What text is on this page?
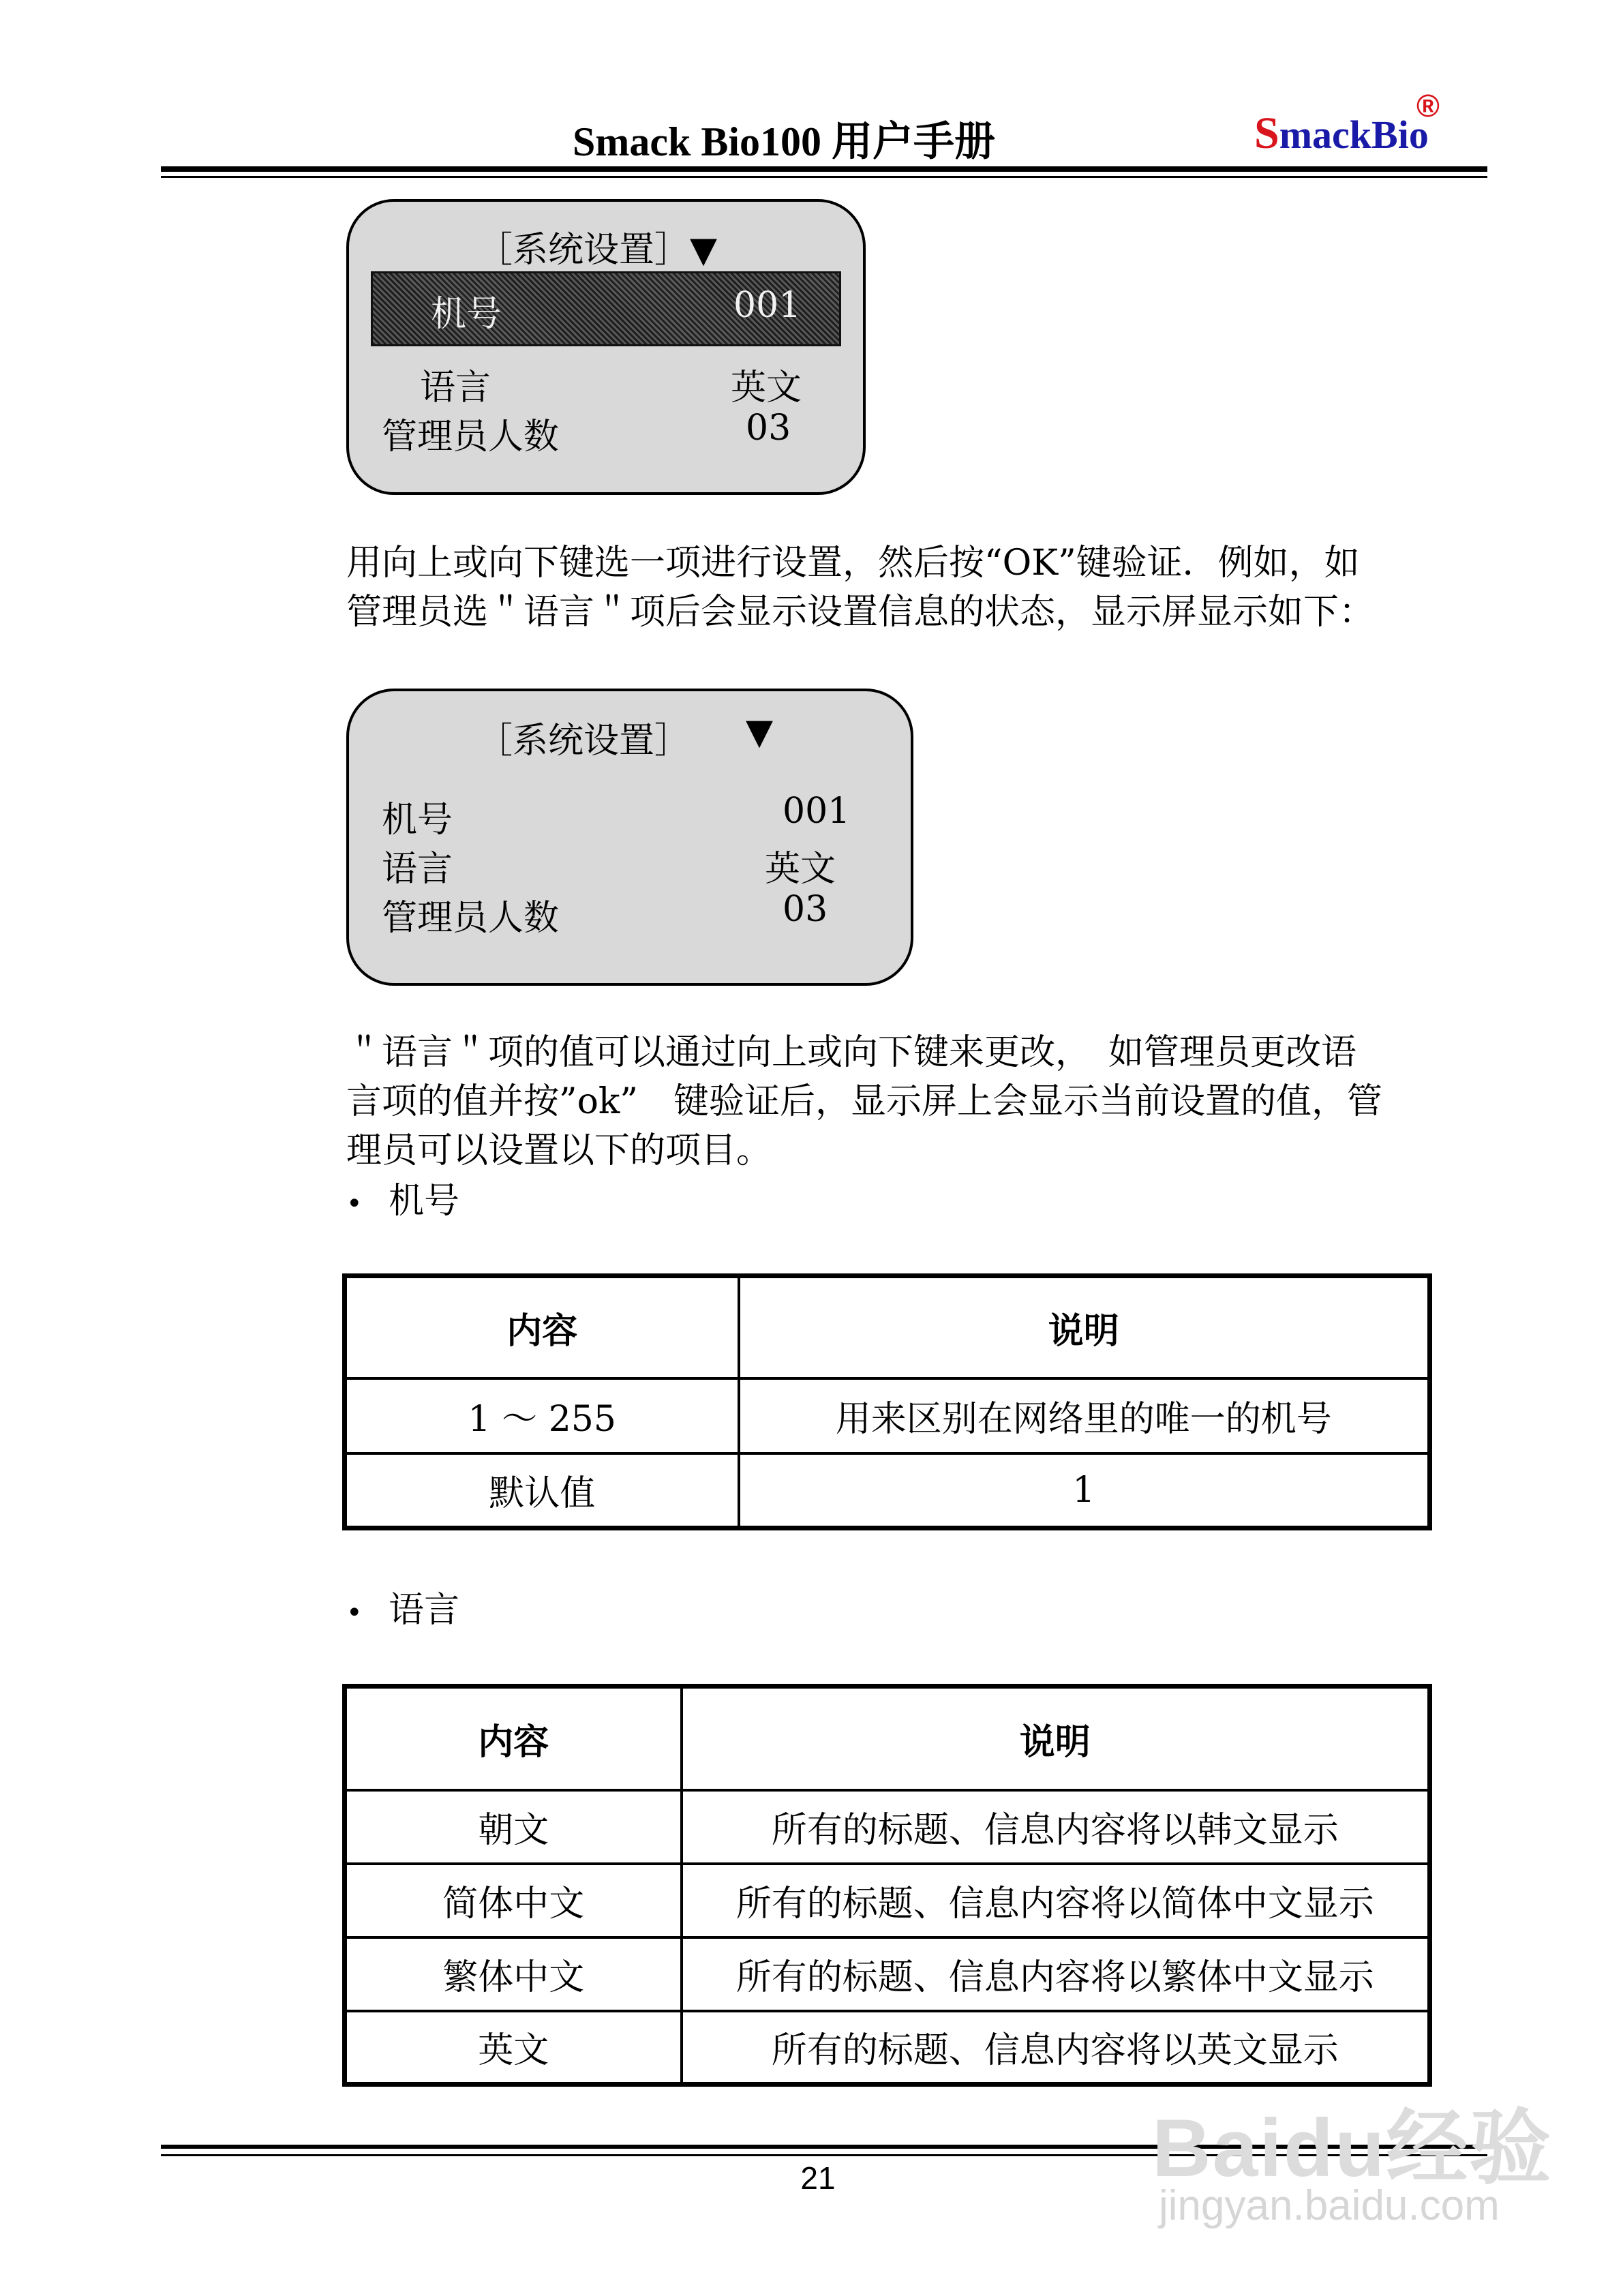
Smack Bio100 用户手册	SmackBio
®
［系统设置］▼
机号	001
语言	英文
管理员人数	03
用向上或向下键选一项进行设置，然后按“OK”键验证．例如，如
管理员选＂语言＂项后会显示设置信息的状态，显示屏显示如下：
［系统设置］ ▼
机号	001
语言	英文
管理员人数	03
＂语言＂项的值可以通过向上或向下键来更改，　如管理员更改语
言项的值并按”ok”　键验证后，显示屏上会显示当前设置的值，管
理员可以设置以下的项目。
• 机号
内容	说明
1 ～ 255	用来区别在网络里的唯一的机号
默认值	1
• 语言
内容	说明
朝文	所有的标题、信息内容将以韩文显示
简体中文	所有的标题、信息内容将以简体中文显示
繁体中文	所有的标题、信息内容将以繁体中文显示
英文	所有的标题、信息内容将以英文显示
21	Baidu经验
jingyan.baidu.com
